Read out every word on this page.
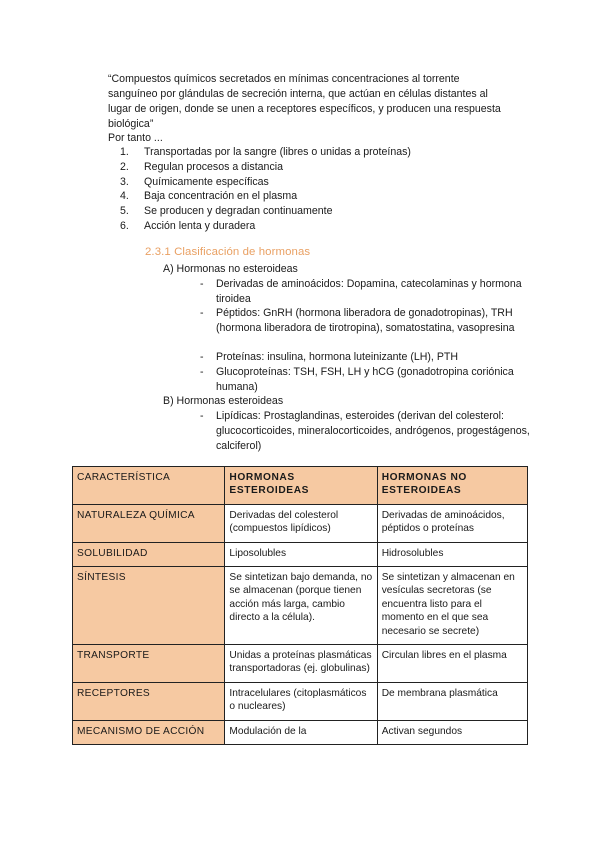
“Compuestos químicos secretados en mínimas concentraciones al torrente
sanguíneo por glándulas de secreción interna, que actúan en células distantes al
lugar de origen, donde se unen a receptores específicos, y producen una respuesta
biológica”
Por tanto ...
1.	Transportadas por la sangre (libres o unidas a proteínas)
2.	Regulan procesos a distancia
3.	Químicamente específicas
4.	Baja concentración en el plasma
5.	Se producen y degradan continuamente
6.	Acción lenta y duradera
2.3.1 Clasificación de hormonas
A) Hormonas no esteroideas
-	Derivadas de aminoácidos: Dopamina, catecolaminas y hormona tiroidea
-	Péptidos: GnRH (hormona liberadora de gonadotropinas), TRH (hormona liberadora de tirotropina), somatostatina, vasopresina
-	Proteínas: insulina, hormona luteinizante (LH), PTH
-	Glucoproteínas: TSH, FSH, LH y hCG (gonadotropina coriónica humana)
B) Hormonas esteroideas
-	Lipídicas: Prostaglandinas, esteroides (derivan del colesterol: glucocorticoides, mineralocorticoides, andrógenos, progestágenos, calciferol)
CARACTERÍSTICA	HORMONAS ESTEROIDEAS	HORMONAS NO ESTEROIDEAS
NATURALEZA QUÍMICA	Derivadas del colesterol (compuestos lipídicos)	Derivadas de aminoácidos, péptidos o proteínas
SOLUBILIDAD	Liposolubles	Hidrosolubles
SÍNTESIS	Se sintetizan bajo demanda, no se almacenan (porque tienen acción más larga, cambio directo a la célula).	Se sintetizan y almacenan en vesículas secretoras (se encuentra listo para el momento en el que sea necesario se secrete)
TRANSPORTE	Unidas a proteínas plasmáticas transportadoras (ej. globulinas)	Circulan libres en el plasma
RECEPTORES	Intracelulares (citoplasmáticos o nucleares)	De membrana plasmática
MECANISMO DE ACCIÓN	Modulación de la	Activan segundos
